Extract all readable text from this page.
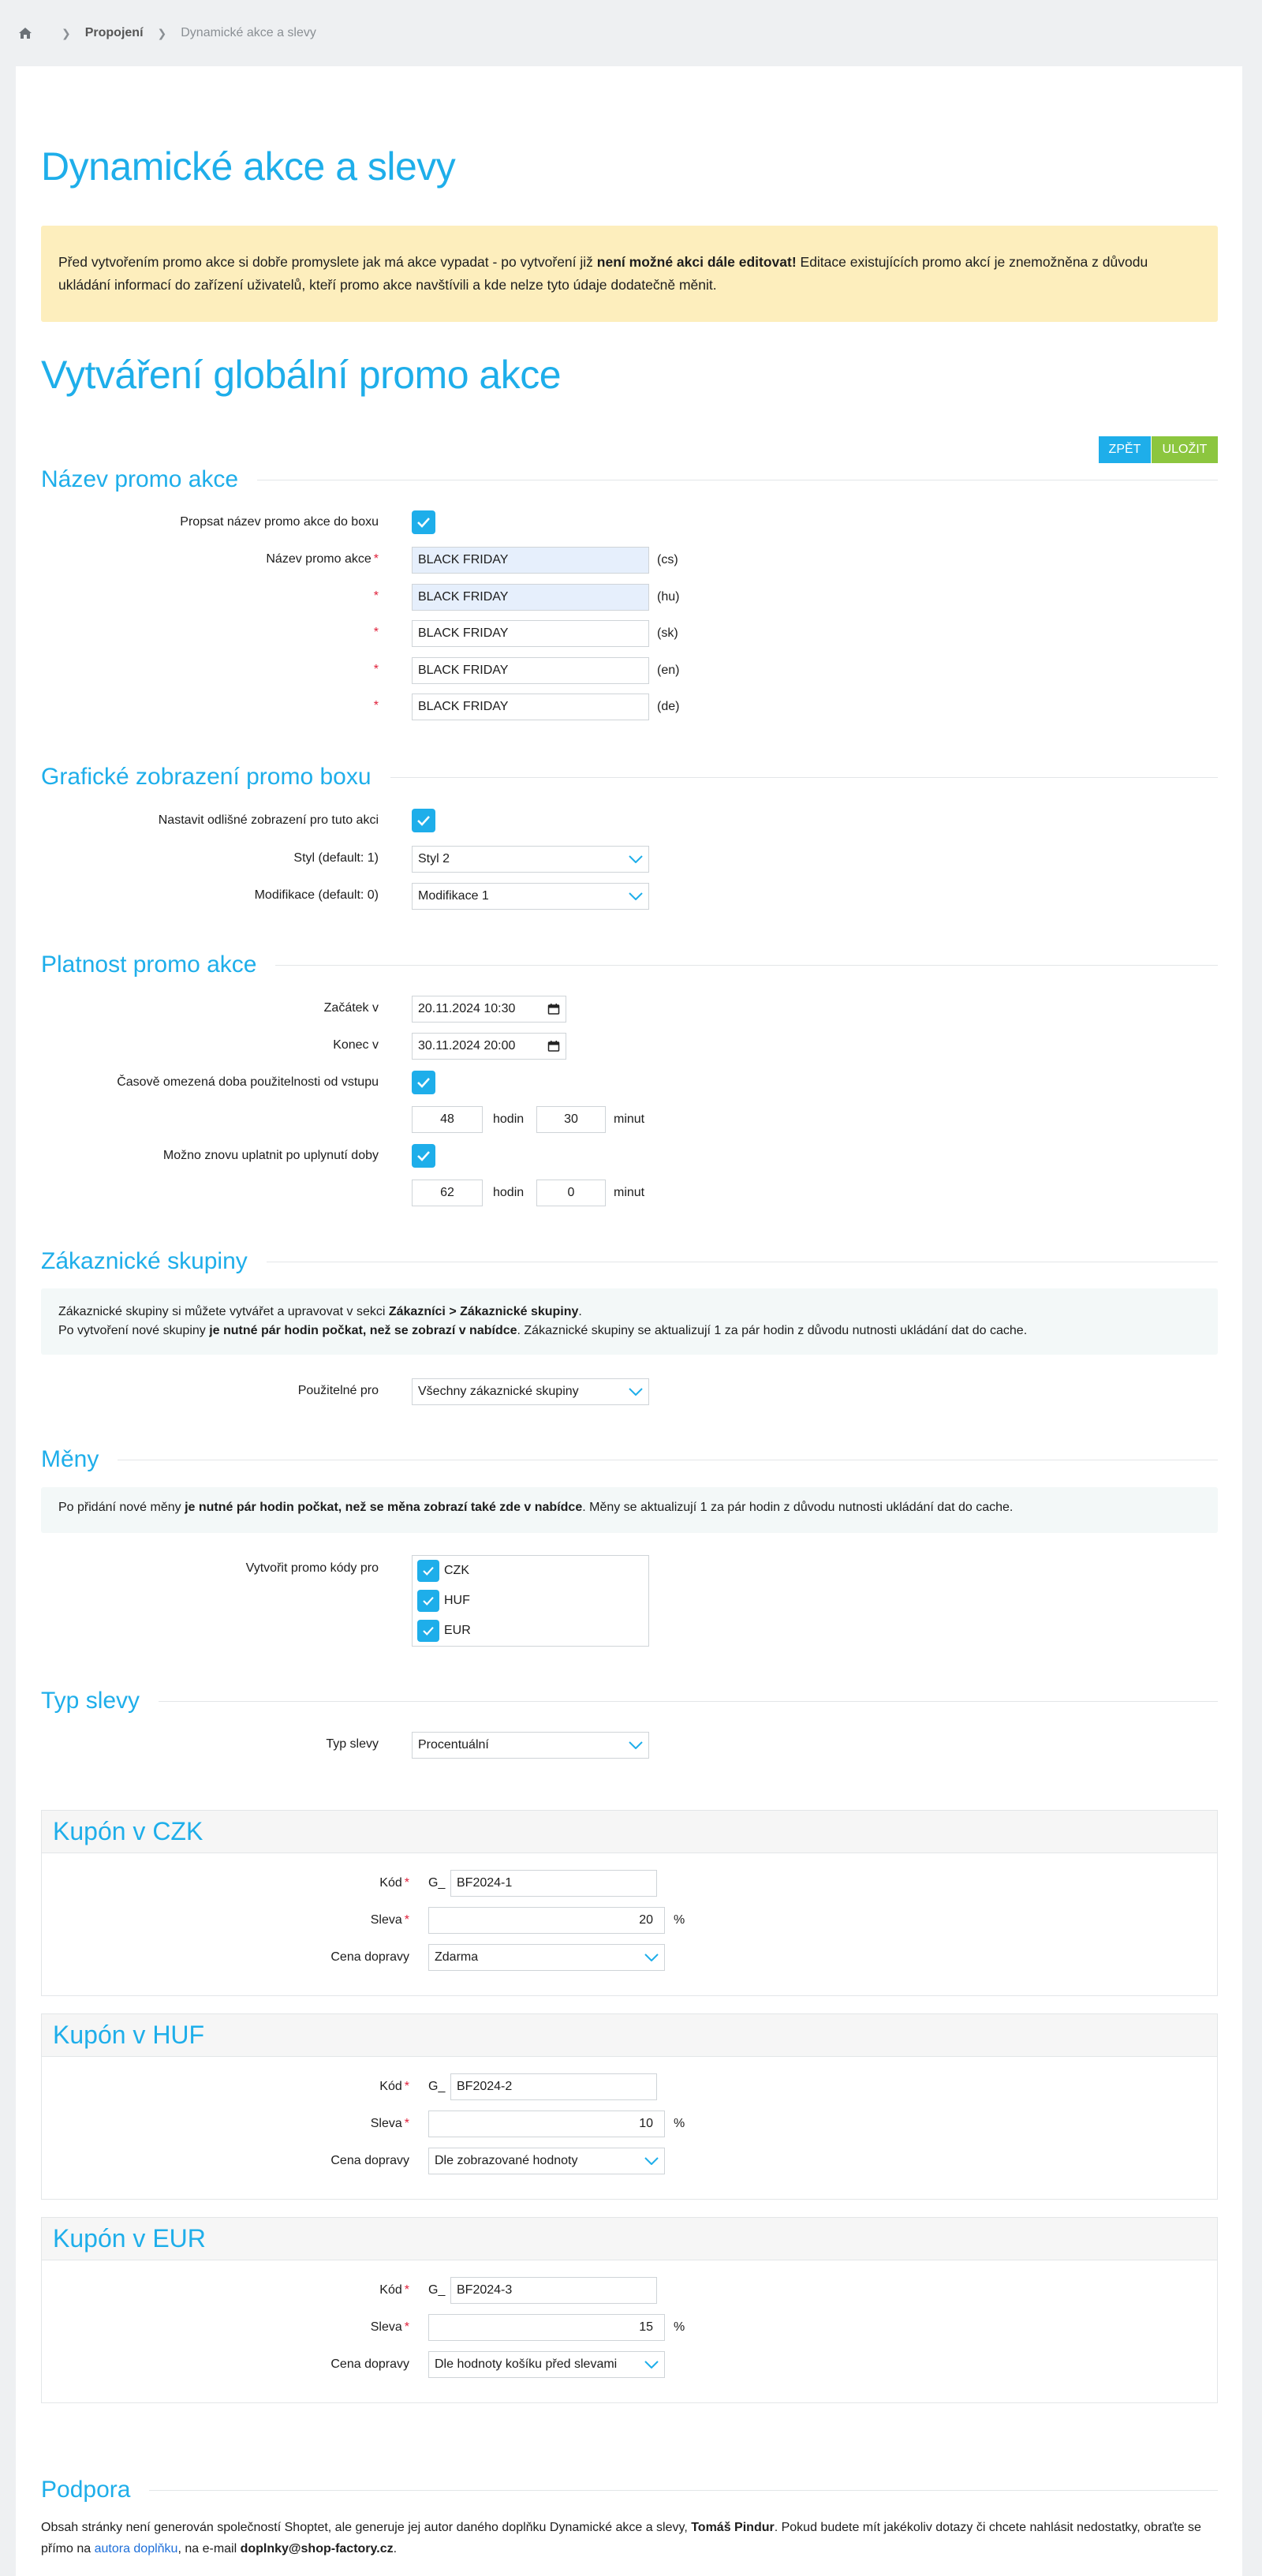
❯ Propojení ❯ Dynamické akce a slevy
Dynamické akce a slevy
Před vytvořením promo akce si dobře promyslete jak má akce vypadat - po vytvoření již není možné akci dále editovat! Editace existujících promo akcí je znemožněna z důvodu ukládání informací do zařízení uživatelů, kteří promo akce navštívili a kde nelze tyto údaje dodatečně měnit.
Vytváření globální promo akce
ZPĚT	ULOŽIT
Název promo akce
Propsat název promo akce do boxu
Název promo akce *	BLACK FRIDAY	(cs)
*	BLACK FRIDAY	(hu)
*	BLACK FRIDAY	(sk)
*	BLACK FRIDAY	(en)
*	BLACK FRIDAY	(de)
Grafické zobrazení promo boxu
Nastavit odlišné zobrazení pro tuto akci
Styl (default: 1)	Styl 2
Modifikace (default: 0)	Modifikace 1
Platnost promo akce
Začátek v	20.11.2024 10:30
Konec v	30.11.2024 20:00
Časově omezená doba použitelnosti od vstupu
48	hodin	30	minut
Možno znovu uplatnit po uplynutí doby
62	hodin	0	minut
Zákaznické skupiny
Zákaznické skupiny si můžete vytvářet a upravovat v sekci Zákazníci > Zákaznické skupiny.
Po vytvoření nové skupiny je nutné pár hodin počkat, než se zobrazí v nabídce. Zákaznické skupiny se aktualizují 1 za pár hodin z důvodu nutnosti ukládání dat do cache.
Použitelné pro	Všechny zákaznické skupiny
Měny
Po přidání nové měny je nutné pár hodin počkat, než se měna zobrazí také zde v nabídce. Měny se aktualizují 1 za pár hodin z důvodu nutnosti ukládání dat do cache.
Vytvořit promo kódy pro	CZK
HUF
EUR
Typ slevy
Typ slevy	Procentuální
Kupón v CZK
Kód * G_ BF2024-1
Sleva *	20	%
Cena dopravy Zdarma
Kupón v HUF
Kód * G_ BF2024-2
Sleva *	10	%
Cena dopravy Dle zobrazované hodnoty
Kupón v EUR
Kód * G_ BF2024-3
Sleva *	15	%
Cena dopravy Dle hodnoty košíku před slevami
Podpora
Obsah stránky není generován společností Shoptet, ale generuje jej autor daného doplňku Dynamické akce a slevy, Tomáš Pindur. Pokud budete mít jakékoliv dotazy či chcete nahlásit nedostatky, obraťte se přímo na autora doplňku, na e-mail doplnky@shop-factory.cz.
